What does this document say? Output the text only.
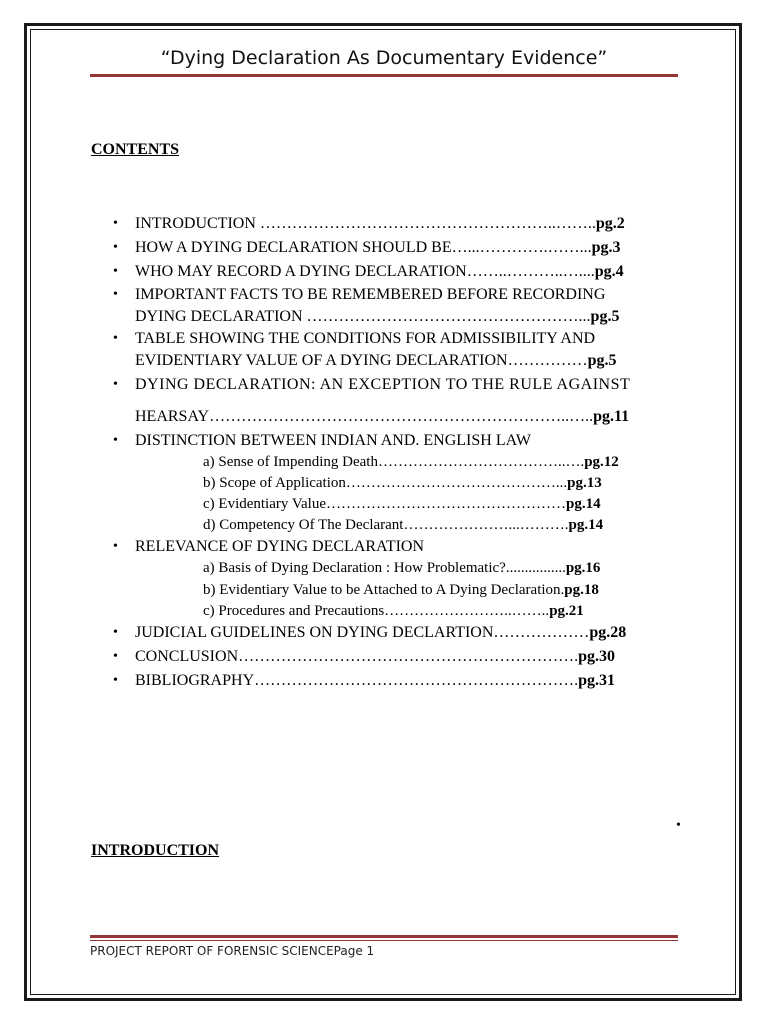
“Dying Declaration As Documentary Evidence”
CONTENTS
• INTRODUCTION ………………………………………………..……..pg.2
• HOW A DYING DECLARATION SHOULD BE…...………….……...pg.3
• WHO MAY RECORD A DYING DECLARATION……..………..…....pg.4
• IMPORTANT FACTS TO BE REMEMBERED BEFORE RECORDING
DYING DECLARATION ……………………………………………...pg.5
• TABLE SHOWING THE CONDITIONS FOR ADMISSIBILITY AND
EVIDENTIARY VALUE OF A DYING DECLARATION……………pg.5
• DYING DECLARATION: AN EXCEPTION TO THE RULE AGAINST
HEARSAY…………………………………………………………..…..pg.11
• DISTINCTION BETWEEN INDIAN AND. ENGLISH LAW
a) Sense of Impending Death………………………………..….pg.12
b) Scope of Application……………………………………...pg.13
c) Evidentiary Value…………………………………………pg.14
d) Competency Of The Declarant…………………...……….pg.14
• RELEVANCE OF DYING DECLARATION
a) Basis of Dying Declaration : How Problematic?................pg.16
b) Evidentiary Value to be Attached to A Dying Declaration.pg.18
c) Procedures and Precautions……………………..……..pg.21
• JUDICIAL GUIDELINES ON DYING DECLARTION………………pg.28
• CONCLUSION……………………………………………………….pg.30
• BIBLIOGRAPHY…………………………………………………….pg.31
•
INTRODUCTION
PROJECT REPORT OF FORENSIC SCIENCEPage 1
